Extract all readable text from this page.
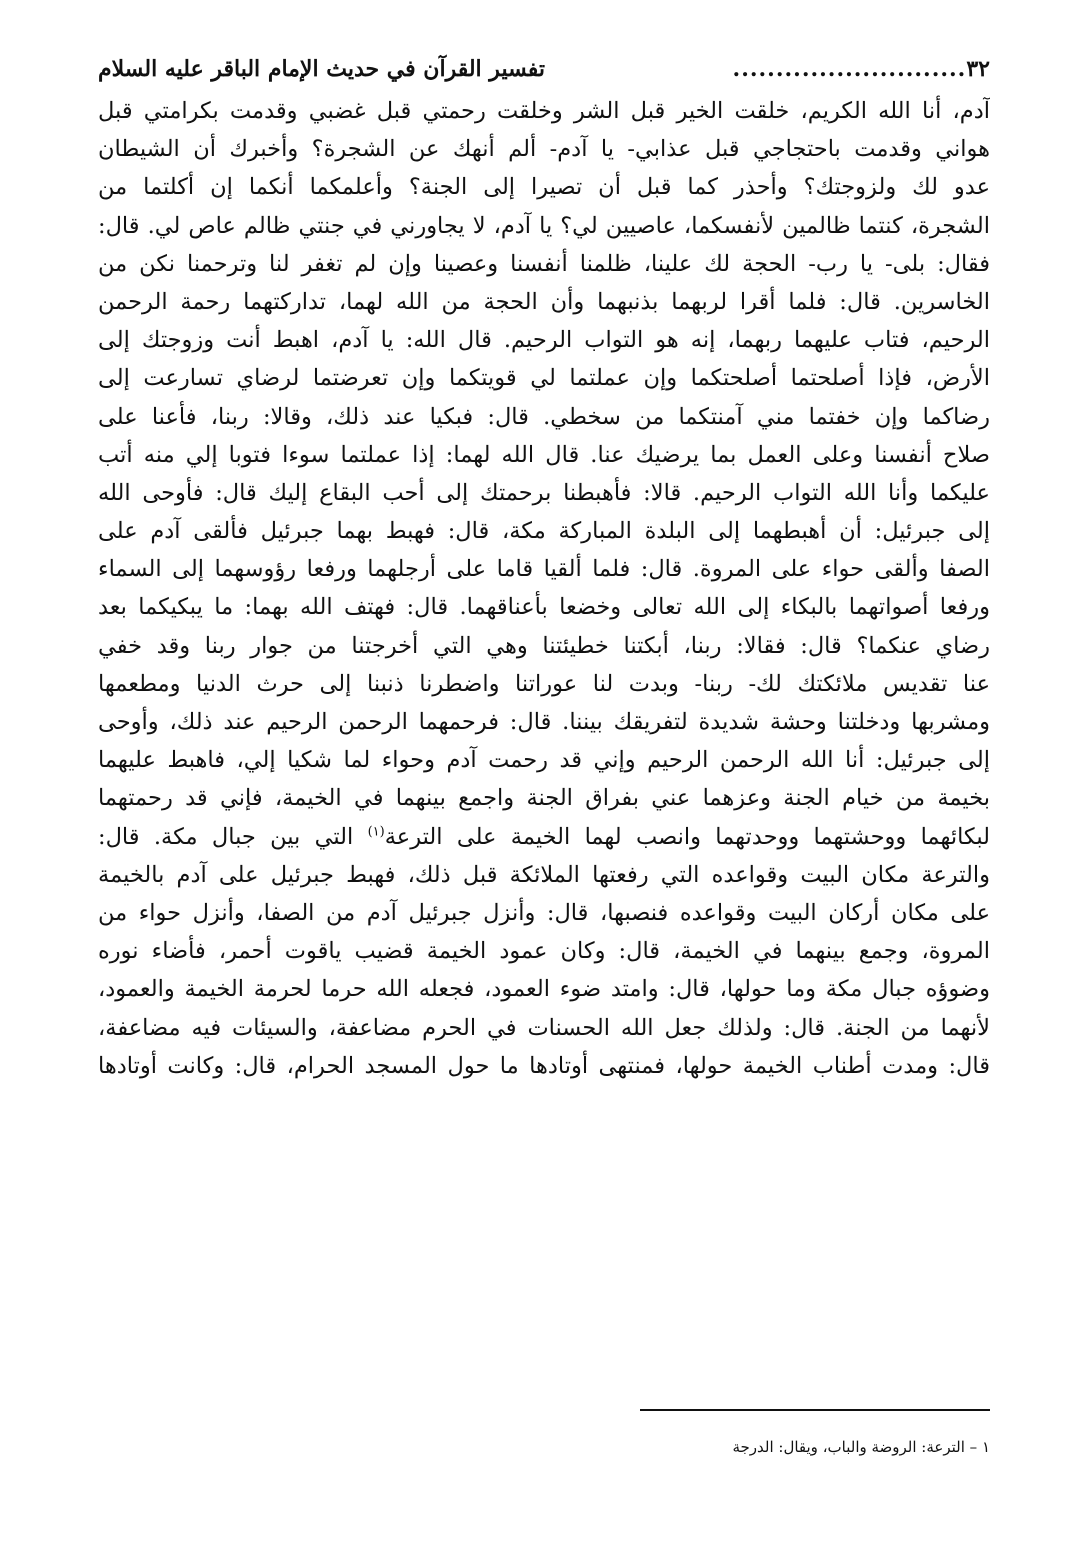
٣٢
...........................
تفسير القرآن في حديث الإمام الباقر عليه السلام
آدم، أنا الله الكريم، خلقت الخير قبل الشر وخلقت رحمتي قبل غضبي وقدمت بكرامتي قبل
هواني وقدمت باحتجاجي قبل عذابي- يا آدم- ألم أنهك عن الشجرة؟ وأخبرك أن الشيطان
عدو لك ولزوجتك؟ وأحذر كما قبل أن تصيرا إلى الجنة؟ وأعلمكما أنكما إن أكلتما من
الشجرة، كنتما ظالمين لأنفسكما، عاصيين لي؟ يا آدم، لا يجاورني في جنتي ظالم عاص لي. قال:
فقال: بلى- يا رب- الحجة لك علينا، ظلمنا أنفسنا وعصينا وإن لم تغفر لنا وترحمنا نكن من
الخاسرين. قال: فلما أقرا لربهما بذنبهما وأن الحجة من الله لهما، تداركتهما رحمة الرحمن
الرحيم، فتاب عليهما ربهما، إنه هو التواب الرحيم. قال الله: يا آدم، اهبط أنت وزوجتك إلى
الأرض، فإذا أصلحتما أصلحتكما وإن عملتما لي قويتكما وإن تعرضتما لرضاي تسارعت إلى
رضاكما وإن خفتما مني آمنتكما من سخطي. قال: فبكيا عند ذلك، وقالا: ربنا، فأعنا على
صلاح أنفسنا وعلى العمل بما يرضيك عنا. قال الله لهما: إذا عملتما سوءا فتوبا إلي منه أتب
عليكما وأنا الله التواب الرحيم. قالا: فأهبطنا برحمتك إلى أحب البقاع إليك قال: فأوحى الله
إلى جبرئيل: أن أهبطهما إلى البلدة المباركة مكة، قال: فهبط بهما جبرئيل فألقى آدم على
الصفا وألقى حواء على المروة. قال: فلما ألقيا قاما على أرجلهما ورفعا رؤوسهما إلى السماء
ورفعا أصواتهما بالبكاء إلى الله تعالى وخضعا بأعناقهما. قال: فهتف الله بهما: ما يبكيكما بعد
رضاي عنكما؟ قال: فقالا: ربنا، أبكتنا خطيئتنا وهي التي أخرجتنا من جوار ربنا وقد خفي
عنا تقديس ملائكتك لك- ربنا- وبدت لنا عوراتنا واضطرنا ذنبنا إلى حرث الدنيا ومطعمها
ومشربها ودخلتنا وحشة شديدة لتفريقك بيننا. قال: فرحمهما الرحمن الرحيم عند ذلك، وأوحى
إلى جبرئيل: أنا الله الرحمن الرحيم وإني قد رحمت آدم وحواء لما شكيا إلي، فاهبط عليهما
بخيمة من خيام الجنة وعزهما عني بفراق الجنة واجمع بينهما في الخيمة، فإني قد رحمتهما
لبكائهما ووحشتهما ووحدتهما وانصب لهما الخيمة على الترعة$^{(١)}$ التي بين جبال مكة. قال:
والترعة مكان البيت وقواعده التي رفعتها الملائكة قبل ذلك، فهبط جبرئيل على آدم بالخيمة
على مكان أركان البيت وقواعده فنصبها، قال: وأنزل جبرئيل آدم من الصفا، وأنزل حواء من
المروة، وجمع بينهما في الخيمة، قال: وكان عمود الخيمة قضيب ياقوت أحمر، فأضاء نوره
وضوؤه جبال مكة وما حولها، قال: وامتد ضوء العمود، فجعله الله حرما لحرمة الخيمة والعمود،
لأنهما من الجنة. قال: ولذلك جعل الله الحسنات في الحرم مضاعفة، والسيئات فيه مضاعفة،
قال: ومدت أطناب الخيمة حولها، فمنتهى أوتادها ما حول المسجد الحرام، قال: وكانت أوتادها
١ – الترعة: الروضة والباب، ويقال: الدرجة
